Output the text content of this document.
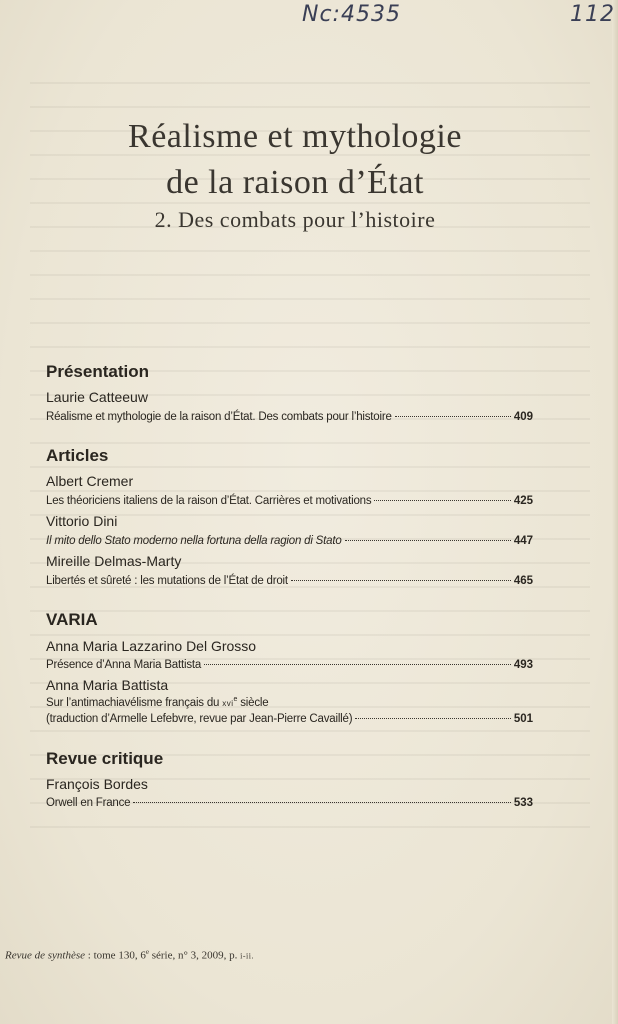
Nc:4535	112
Réalisme et mythologie
de la raison d’État
2. Des combats pour l’histoire
Présentation
Laurie Catteeuw
Réalisme et mythologie de la raison d’État. Des combats pour l’histoire	409
Articles
Albert Cremer
Les théoriciens italiens de la raison d’État. Carrières et motivations	425
Vittorio Dini
Il mito dello Stato moderno nella fortuna della ragion di Stato	447
Mireille Delmas-Marty
Libertés et sûreté : les mutations de l’État de droit	465
VARIA
Anna Maria Lazzarino Del Grosso
Présence d’Anna Maria Battista	493
Anna Maria Battista
Sur l’antimachiavélisme français du xvi$^e$ siècle
(traduction d’Armelle Lefebvre, revue par Jean-Pierre Cavaillé)	501
Revue critique
François Bordes
Orwell en France	533
Revue de synthèse : tome 130, 6e série, n° 3, 2009, p. i-ii.
